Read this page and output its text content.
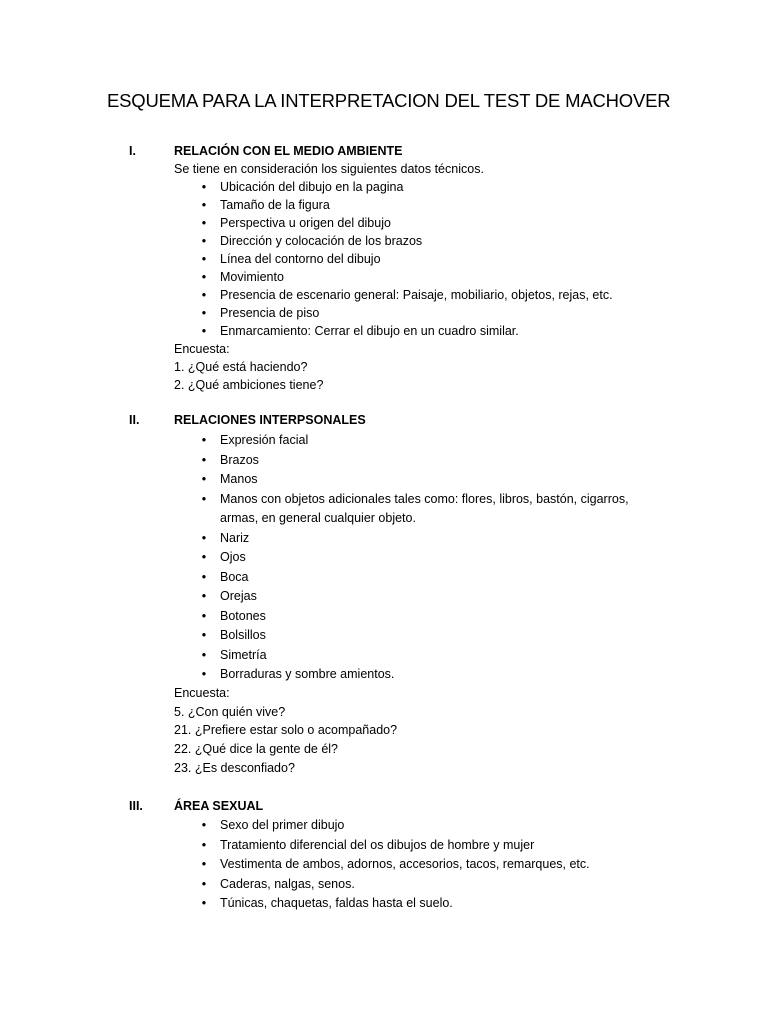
ESQUEMA PARA LA INTERPRETACION DEL TEST DE MACHOVER
I.	RELACIÓN CON EL MEDIO AMBIENTE
Se tiene en consideración los siguientes datos técnicos.
•	Ubicación del dibujo en la pagina
•	Tamaño de la figura
•	Perspectiva u origen del dibujo
•	Dirección y colocación de los brazos
•	Línea del contorno del dibujo
•	Movimiento
•	Presencia de escenario general: Paisaje, mobiliario, objetos, rejas, etc.
•	Presencia de piso
•	Enmarcamiento: Cerrar el dibujo en un cuadro similar.
Encuesta:
1. ¿Qué está haciendo?
2. ¿Qué ambiciones tiene?
II.	RELACIONES INTERPSONALES
•	Expresión facial
•	Brazos
•	Manos
•	Manos con objetos adicionales tales como: flores, libros, bastón, cigarros,
armas, en general cualquier objeto.
•	Nariz
•	Ojos
•	Boca
•	Orejas
•	Botones
•	Bolsillos
•	Simetría
•	Borraduras y sombre amientos.
Encuesta:
5. ¿Con quién vive?
21. ¿Prefiere estar solo o acompañado?
22. ¿Qué dice la gente de él?
23. ¿Es desconfiado?
III. ÁREA SEXUAL
•	Sexo del primer dibujo
•	Tratamiento diferencial del os dibujos de hombre y mujer
•	Vestimenta de ambos, adornos, accesorios, tacos, remarques, etc.
•	Caderas, nalgas, senos.
•	Túnicas, chaquetas, faldas hasta el suelo.
